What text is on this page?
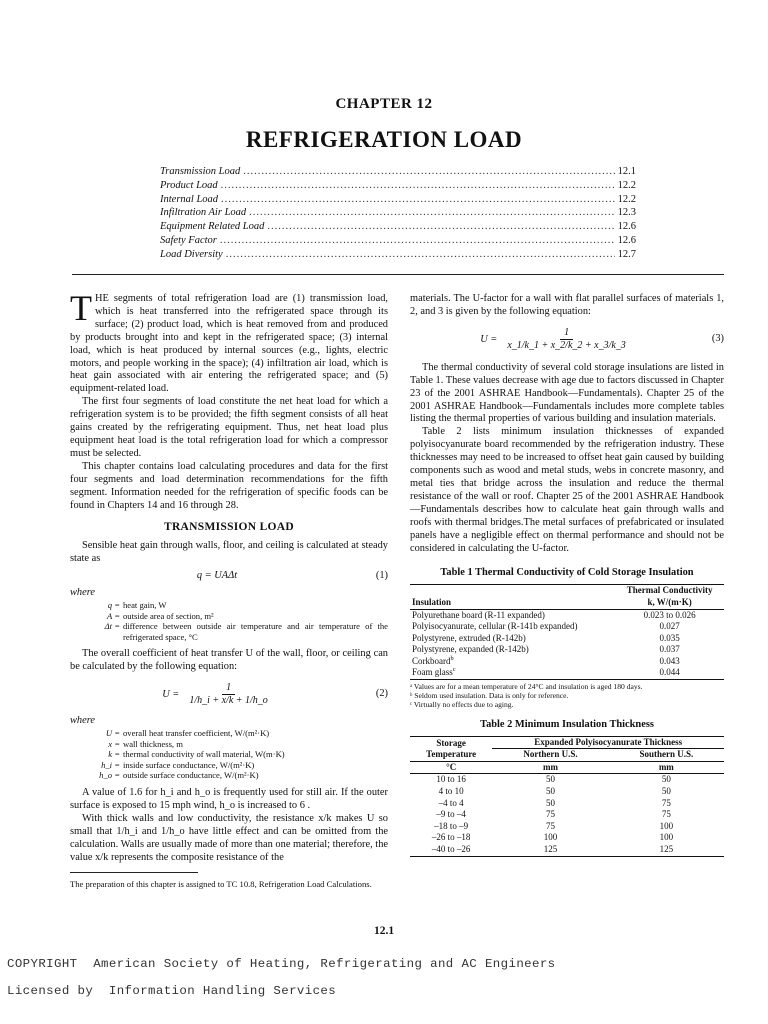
CHAPTER 12
REFRIGERATION LOAD
Transmission Load .....	12.1
Product Load .....	12.2
Internal Load .....	12.2
Infiltration Air Load .....	12.3
Equipment Related Load .....	12.6
Safety Factor .....	12.6
Load Diversity .....	12.7

THE segments of total refrigeration load are (1) transmission load, which is heat transferred into the refrigerated space through its surface; (2) product load, which is heat removed from and produced by products brought into and kept in the refrigerated space; (3) internal load, which is heat produced by internal sources (e.g., lights, electric motors, and people working in the space); (4) infiltration air load, which is heat gain associated with air entering the refrigerated space; and (5) equipment-related load.

The first four segments of load constitute the net heat load for which a refrigeration system is to be provided; the fifth segment consists of all heat gains created by the refrigerating equipment. Thus, net heat load plus equipment heat load is the total refrigeration load for which a compressor must be selected.

This chapter contains load calculating procedures and data for the first four segments and load determination recommendations for the fifth segment. Information needed for the refrigeration of specific foods can be found in Chapters 14 and 16 through 28.

TRANSMISSION LOAD

Sensible heat gain through walls, floor, and ceiling is calculated at steady state as

q = UAΔt	(1)
where
q = heat gain, W
A = outside area of section, m²
Δt = difference between outside air temperature and air temperature of the refrigerated space, °C

The overall coefficient of heat transfer U of the wall, floor, or ceiling can be calculated by the following equation:

$U = \frac{1}{1/h\_i + x/k + 1/h\_o}$	(2)
where
U = overall heat transfer coefficient, W/(m²·K)
x = wall thickness, m
k = thermal conductivity of wall material, W(m·K)
h_i = inside surface conductance, W/(m²·K)
h_o = outside surface conductance, W/(m²·K)

A value of 1.6 for h_i and h_o is frequently used for still air. If the outer surface is exposed to 15 mph wind, h_o is increased to 6 .

With thick walls and low conductivity, the resistance x/k makes U so small that 1/h_i and 1/h_o have little effect and can be omitted from the calculation. Walls are usually made of more than one material; therefore, the value x/k represents the composite resistance of the

The preparation of this chapter is assigned to TC 10.8, Refrigeration Load Calculations.

materials. The U-factor for a wall with flat parallel surfaces of materials 1, 2, and 3 is given by the following equation:

$U = \frac{1}{x\_1/k\_1 + x\_2/k\_2 + x\_3/k\_3}$	(3)

The thermal conductivity of several cold storage insulations are listed in Table 1. These values decrease with age due to factors discussed in Chapter 23 of the 2001 ASHRAE Handbook—Fundamentals). Chapter 25 of the 2001 ASHRAE Handbook—Fundamentals includes more complete tables listing the thermal properties of various building and insulation materials.

Table 2 lists minimum insulation thicknesses of expanded polyisocyanurate board recommended by the refrigeration industry. These thicknesses may need to be increased to offset heat gain caused by building components such as wood and metal studs, webs in concrete masonry, and metal ties that bridge across the insulation and reduce the thermal resistance of the wall or roof. Chapter 25 of the 2001 ASHRAE Handbook—Fundamentals describes how to calculate heat gain through walls and roofs with thermal bridges.The metal surfaces of prefabricated or insulated panels have a negligible effect on thermal performance and should not be considered in calculating the U-factor.

Table 1 Thermal Conductivity of Cold Storage Insulation
Insulation	Thermal Conductivity
k, W/(m·K)
Polyurethane board (R-11 expanded)	0.023 to 0.026
Polyisocyanurate, cellular (R-141b expanded)	0.027
Polystyrene, extruded (R-142b)	0.035
Polystyrene, expanded (R-142b)	0.037
Corkboard$^b$	0.043
Foam glass$^c$	0.044
ᵃ Values are for a mean temperature of 24°C and insulation is aged 180 days.
ᵇ Seldom used insulation. Data is only for reference.
ᶜ Virtually no effects due to aging.
Table 2 Minimum Insulation Thickness
Storage
Temperature	Expanded Polyisocyanurate Thickness	
	Northern U.S.	Southern U.S.
°C	mm	mm
10 to 16	50	50
4 to 10	50	50
–4 to 4	50	75
–9 to –4	75	75
–18 to –9	75	100
–26 to –18	100	100
–40 to –26	125	125
12.1
COPYRIGHT  American Society of Heating, Refrigerating and AC Engineers
Licensed by  Information Handling Services
